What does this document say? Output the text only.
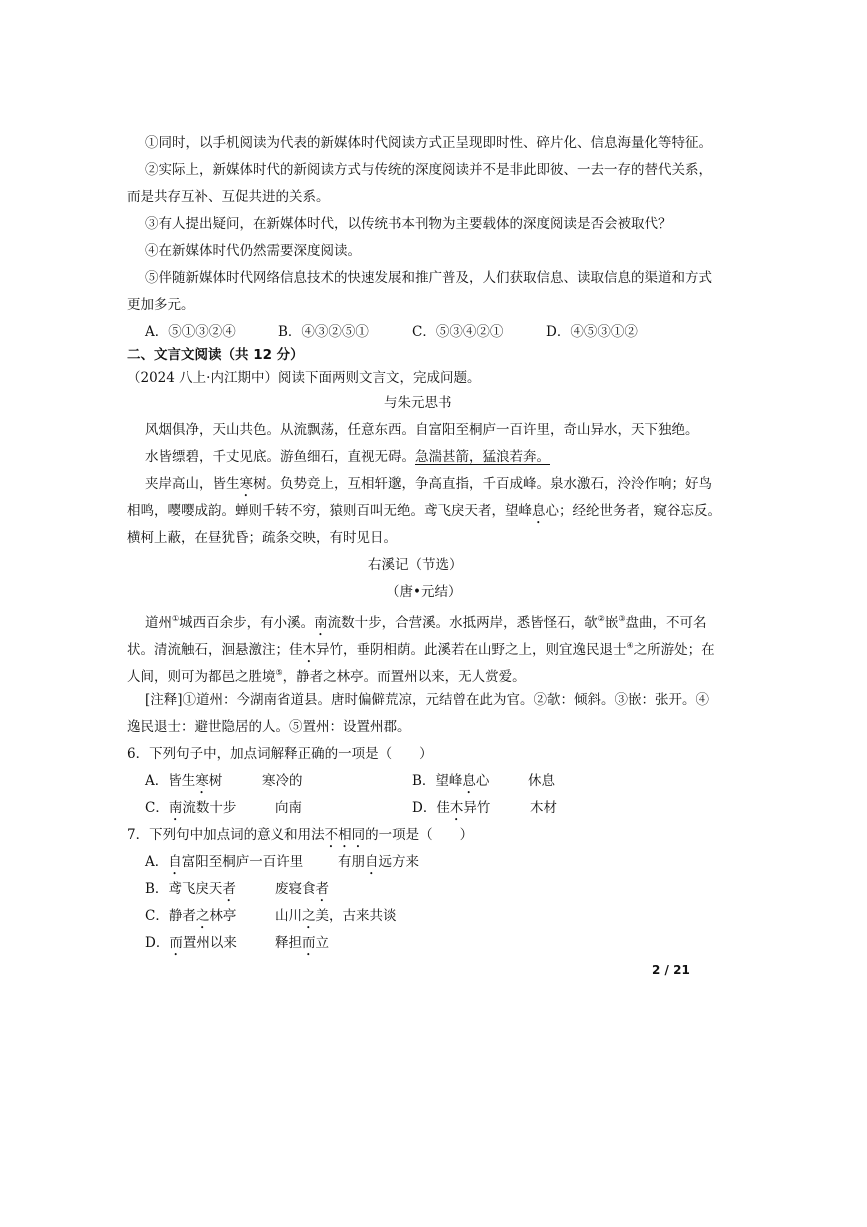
①同时，以手机阅读为代表的新媒体时代阅读方式正呈现即时性、碎片化、信息海量化等特征。
②实际上，新媒体时代的新阅读方式与传统的深度阅读并不是非此即彼、一去一存的替代关系，
而是共存互补、互促共进的关系。
③有人提出疑问，在新媒体时代，以传统书本刊物为主要载体的深度阅读是否会被取代？
④在新媒体时代仍然需要深度阅读。
⑤伴随新媒体时代网络信息技术的快速发展和推广普及，人们获取信息、读取信息的渠道和方式
更加多元。
A．⑤①③②④	B．④③②⑤①	C．⑤③④②①	D．④⑤③①②
二、文言文阅读（共 12 分）
（2024 八上·内江期中）阅读下面两则文言文，完成问题。
与朱元思书
风烟俱净，天山共色。从流飘荡，任意东西。自富阳至桐庐一百许里，奇山异水，天下独绝。
水皆缥碧，千丈见底。游鱼细石，直视无碍。急湍甚箭，猛浪若奔。
夹岸高山，皆生寒树。负势竞上，互相轩邈，争高直指，千百成峰。泉水激石，泠泠作响；好鸟
相鸣，嘤嘤成韵。蝉则千转不穷，猿则百叫无绝。鸢飞戾天者，望峰息心；经纶世务者，窥谷忘反。
横柯上蔽，在昼犹昏；疏条交映，有时见日。
右溪记（节选）
（唐•元结）
道州①城西百余步，有小溪。南流数十步，合营溪。水抵两岸，悉皆怪石，欹②嵌③盘曲，不可名
状。清流触石，洄悬激注；佳木异竹，垂阴相荫。此溪若在山野之上，则宜逸民退士④之所游处；在
人间，则可为都邑之胜境⑤，静者之林亭。而置州以来，无人赏爱。
[注释]①道州：今湖南省道县。唐时偏僻荒凉，元结曾在此为官。②欹：倾斜。③嵌：张开。④
逸民退士：避世隐居的人。⑤置州：设置州郡。
6．下列句子中，加点词解释正确的一项是（　　）
A．皆生寒树	寒冷的	B．望峰息心	休息
C．南流数十步	向南	D．佳木异竹	木材
7．下列句中加点词的意义和用法不相同的一项是（　　）
A．自富阳至桐庐一百许里	有朋自远方来
B．鸢飞戾天者	废寝食者
C．静者之林亭	山川之美，古来共谈
D．而置州以来	释担而立
2 / 21
